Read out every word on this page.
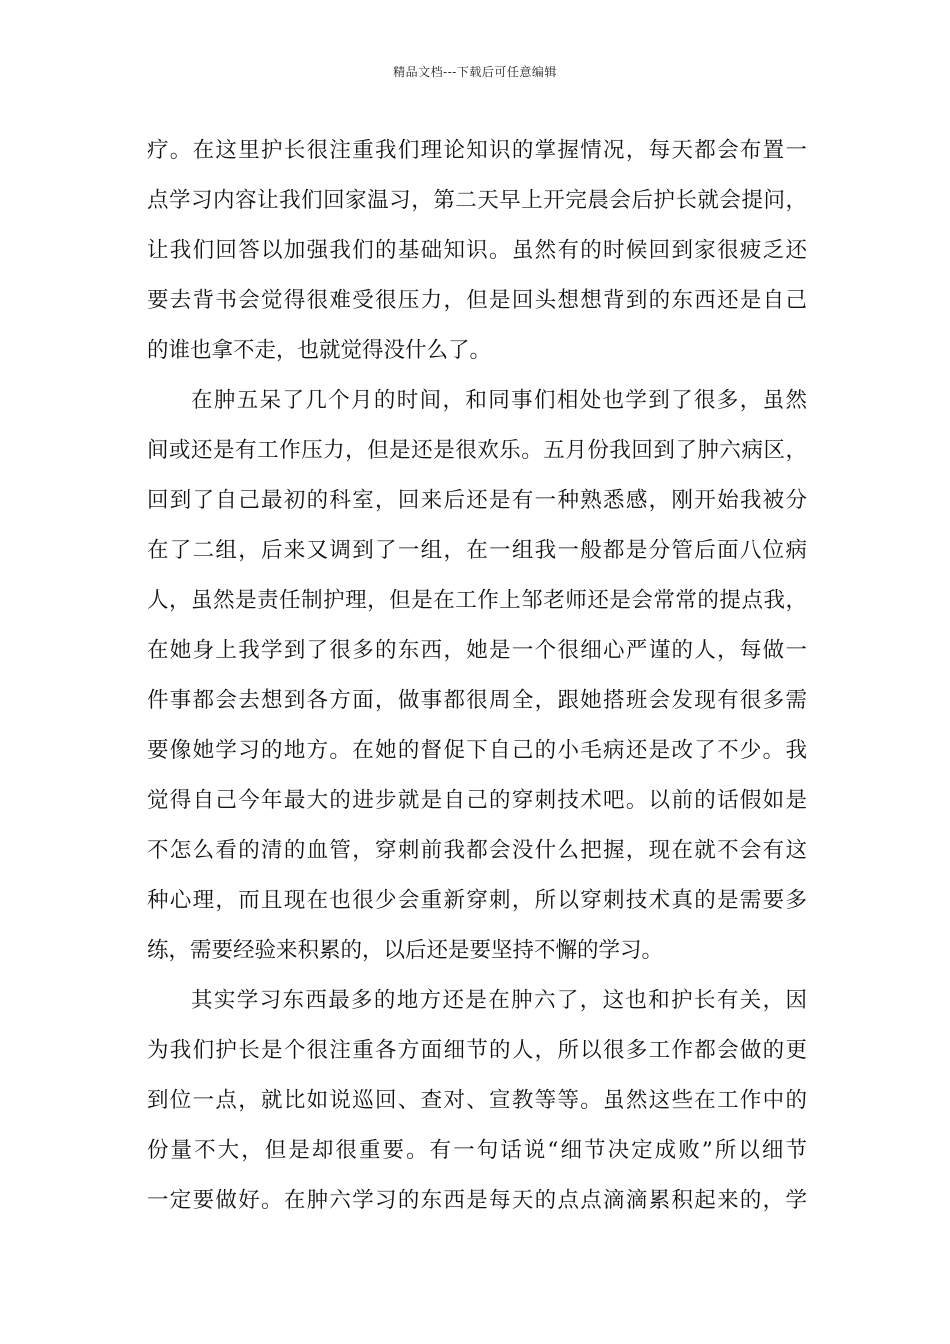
精品文档---下载后可任意编辑
疗。在这里护长很注重我们理论知识的掌握情况，每天都会布置一
点学习内容让我们回家温习，第二天早上开完晨会后护长就会提问，
让我们回答以加强我们的基础知识。虽然有的时候回到家很疲乏还
要去背书会觉得很难受很压力，但是回头想想背到的东西还是自己
的谁也拿不走，也就觉得没什么了。
在肿五呆了几个月的时间，和同事们相处也学到了很多，虽然
间或还是有工作压力，但是还是很欢乐。五月份我回到了肿六病区，
回到了自己最初的科室，回来后还是有一种熟悉感，刚开始我被分
在了二组，后来又调到了一组，在一组我一般都是分管后面八位病
人，虽然是责任制护理，但是在工作上邹老师还是会常常的提点我，
在她身上我学到了很多的东西，她是一个很细心严谨的人，每做一
件事都会去想到各方面，做事都很周全，跟她搭班会发现有很多需
要像她学习的地方。在她的督促下自己的小毛病还是改了不少。我
觉得自己今年最大的进步就是自己的穿刺技术吧。以前的话假如是
不怎么看的清的血管，穿刺前我都会没什么把握，现在就不会有这
种心理，而且现在也很少会重新穿刺，所以穿刺技术真的是需要多
练，需要经验来积累的，以后还是要坚持不懈的学习。
其实学习东西最多的地方还是在肿六了，这也和护长有关，因
为我们护长是个很注重各方面细节的人，所以很多工作都会做的更
到位一点，就比如说巡回、查对、宣教等等。虽然这些在工作中的
份量不大，但是却很重要。有一句话说“细节决定成败”所以细节
一定要做好。在肿六学习的东西是每天的点点滴滴累积起来的，学
